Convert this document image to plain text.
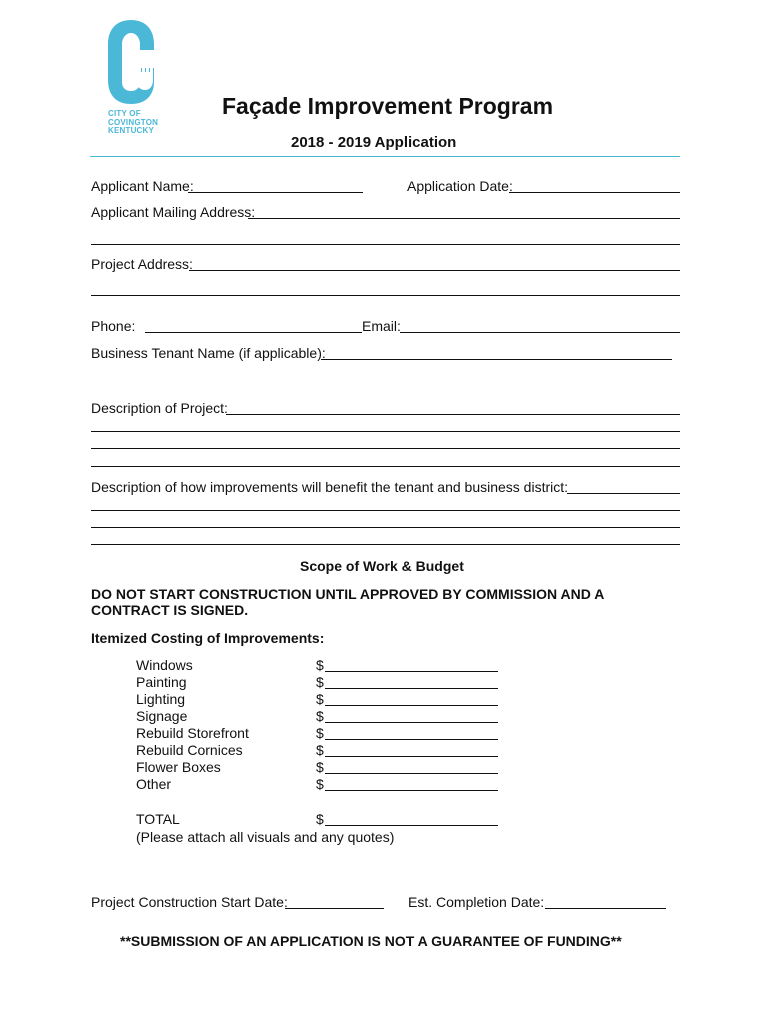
CITY OF
COVINGTON
KENTUCKY
Façade Improvement Program
2018 - 2019 Application
Applicant Name:	Application Date:
Applicant Mailing Address:
Project Address:
Phone:	Email:
Business Tenant Name (if applicable):
Description of Project:
Description of how improvements will benefit the tenant and business district:
Scope of Work & Budget
DO NOT START CONSTRUCTION UNTIL APPROVED BY COMMISSION AND A
CONTRACT IS SIGNED.
Itemized Costing of Improvements:
Windows	$
Painting	$
Lighting	$
Signage	$
Rebuild Storefront	$
Rebuild Cornices	$
Flower Boxes	$
Other	$
TOTAL	$
(Please attach all visuals and any quotes)
Project Construction Start Date:	Est. Completion Date:
**SUBMISSION OF AN APPLICATION IS NOT A GUARANTEE OF FUNDING**
